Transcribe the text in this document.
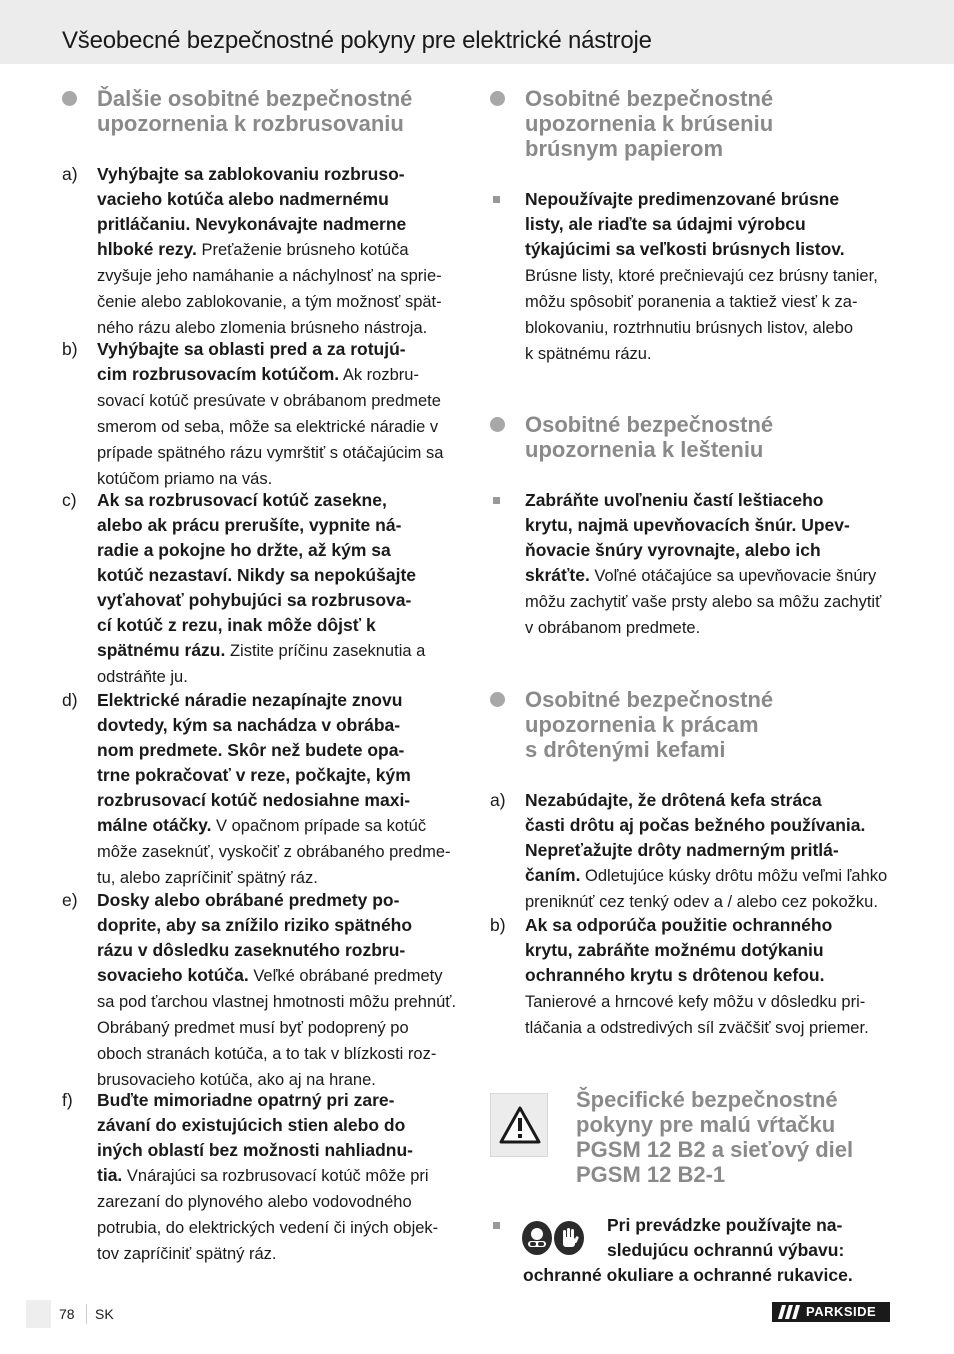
Všeobecné bezpečnostné pokyny pre elektrické nástroje
Ďalšie osobitné bezpečnostné
upozornenia k rozbrusovaniu
a) Vyhýbajte sa zablokovaniu rozbruso-
vacieho kotúča alebo nadmernému
pritláčaniu. Nevykonávajte nadmerne
hlboké rezy. Preťaženie brúsneho kotúča
zvyšuje jeho namáhanie a náchylnosť na sprie-
čenie alebo zablokovanie, a tým možnosť spät-
ného rázu alebo zlomenia brúsneho nástroja.
b) Vyhýbajte sa oblasti pred a za rotujú-
cim rozbrusovacím kotúčom. Ak rozbru-
sovací kotúč presúvate v obrábanom predmete
smerom od seba, môže sa elektrické náradie v
prípade spätného rázu vymrštiť s otáčajúcim sa
kotúčom priamo na vás.
c) Ak sa rozbrusovací kotúč zasekne,
alebo ak prácu prerušíte, vypnite ná-
radie a pokojne ho držte, až kým sa
kotúč nezastaví. Nikdy sa nepokúšajte
vyťahovať pohybujúci sa rozbrusova-
cí kotúč z rezu, inak môže dôjsť k
spätnému rázu. Zistite príčinu zaseknutia a
odstráňte ju.
d) Elektrické náradie nezapínajte znovu
dovtedy, kým sa nachádza v obrába-
nom predmete. Skôr než budete opa-
trne pokračovať v reze, počkajte, kým
rozbrusovací kotúč nedosiahne maxi-
málne otáčky. V opačnom prípade sa kotúč
môže zaseknúť, vyskočiť z obrábaného predme-
tu, alebo zapríčiniť spätný ráz.
e) Dosky alebo obrábané predmety po-
doprite, aby sa znížilo riziko spätného
rázu v dôsledku zaseknutého rozbru-
sovacieho kotúča. Veľké obrábané predmety
sa pod ťarchou vlastnej hmotnosti môžu prehnúť.
Obrábaný predmet musí byť podoprený po
oboch stranách kotúča, a to tak v blízkosti roz-
brusovacieho kotúča, ako aj na hrane.
f) Buďte mimoriadne opatrný pri zare-
závaní do existujúcich stien alebo do
iných oblastí bez možnosti nahliadnu-
tia. Vnárajúci sa rozbrusovací kotúč môže pri
zarezaní do plynového alebo vodovodného
potrubia, do elektrických vedení či iných objek-
tov zapríčiniť spätný ráz.
Osobitné bezpečnostné
upozornenia k brúseniu
brúsnym papierom
Nepoužívajte predimenzované brúsne
listy, ale riaďte sa údajmi výrobcu
týkajúcimi sa veľkosti brúsnych listov.
Brúsne listy, ktoré prečnievajú cez brúsny tanier,
môžu spôsobiť poranenia a taktiež viesť k za-
blokovaniu, roztrhnutiu brúsnych listov, alebo
k spätnému rázu.
Osobitné bezpečnostné
upozornenia k lešteniu
Zabráňte uvoľneniu častí leštiaceho
krytu, najmä upevňovacích šnúr. Upev-
ňovacie šnúry vyrovnajte, alebo ich
skráťte. Voľné otáčajúce sa upevňovacie šnúry
môžu zachytiť vaše prsty alebo sa môžu zachytiť
v obrábanom predmete.
Osobitné bezpečnostné
upozornenia k prácam
s drôtenými kefami
a) Nezabúdajte, že drôtená kefa stráca
časti drôtu aj počas bežného používania.
Nepreťažujte drôty nadmerným pritlá-
čaním. Odletujúce kúsky drôtu môžu veľmi ľahko
preniknúť cez tenký odev a / alebo cez pokožku.
b) Ak sa odporúča použitie ochranného
krytu, zabráňte možnému dotýkaniu
ochranného krytu s drôtenou kefou.
Tanierové a hrncové kefy môžu v dôsledku pri-
tláčania a odstredivých síl zväčšiť svoj priemer.
Špecifické bezpečnostné
pokyny pre malú vŕtačku
PGSM 12 B2 a sieťový diel
PGSM 12 B2-1
Pri prevádzke používajte na-
sledujúcu ochrannú výbavu:
ochranné okuliare a ochranné rukavice.
78 SK	PARKSIDE
